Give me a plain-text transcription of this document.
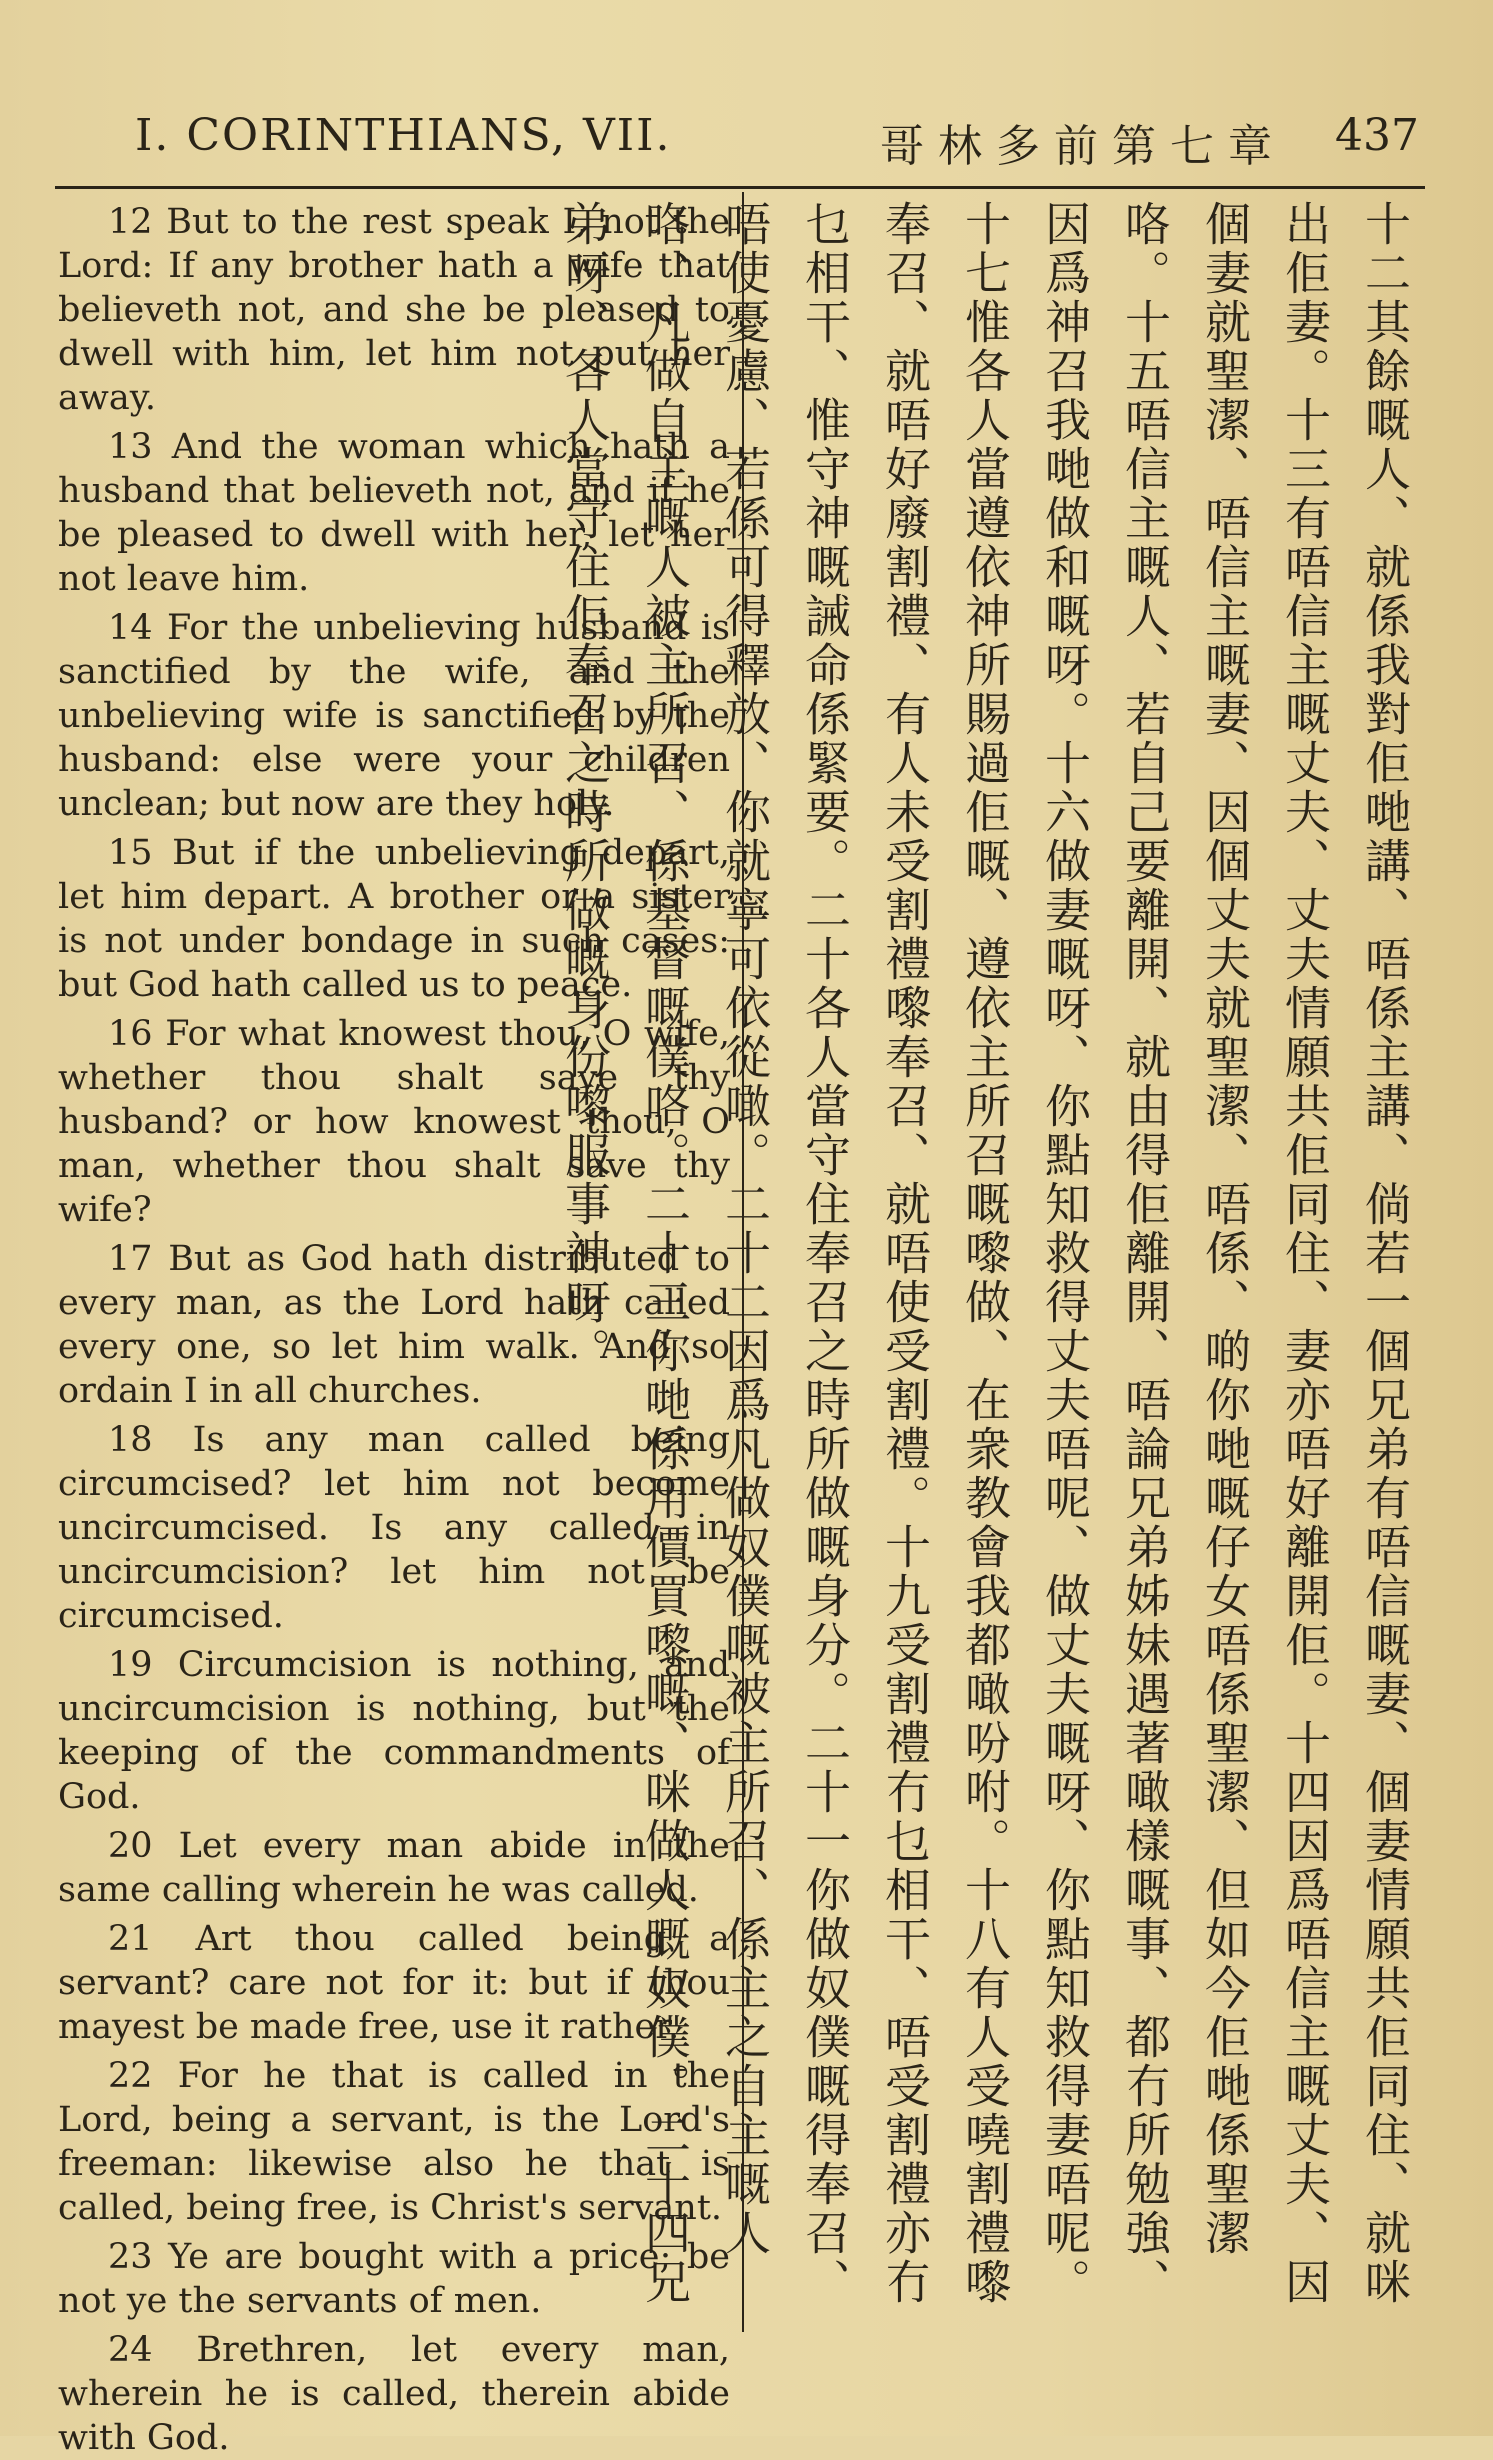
I. CORINTHIANS, VII.	哥林多前第七章 437

12 But to the rest speak I, not the Lord: If any brother hath a wife that believeth not, and she be pleased to dwell with him, let him not put her away.

13 And the woman which hath a husband that believeth not, and if he be pleased to dwell with her, let her not leave him.

14 For the unbelieving husband is sanctified by the wife, and the unbelieving wife is sanctified by the husband: else were your children unclean; but now are they holy.

15 But if the unbelieving depart, let him depart. A brother or a sister is not under bondage in such cases: but God hath called us to peace.

16 For what knowest thou, O wife, whether thou shalt save thy husband? or how knowest thou, O man, whether thou shalt save thy wife?

17 But as God hath distributed to every man, as the Lord hath called every one, so let him walk. And so ordain I in all churches.

18 Is any man called being circumcised? let him not become uncircumcised. Is any called in uncircumcision? let him not be circumcised.

19 Circumcision is nothing, and uncircumcision is nothing, but the keeping of the commandments of God.

20 Let every man abide in the same calling wherein he was called.

21 Art thou called being a servant? care not for it: but if thou mayest be made free, use it rather.

22 For he that is called in the Lord, being a servant, is the Lord's freeman: likewise also he that is called, being free, is Christ's servant.

23 Ye are bought with a price; be not ye the servants of men.

24 Brethren, let every man, wherein he is called, therein abide with God.

十二其餘嘅人、就係我對佢哋講、唔係主講、倘若一個兄弟有唔信嘅妻、個妻情願共佢同住、就咪出佢妻。十三有唔信主嘅丈夫、丈夫情願共佢同住、妻亦唔好離開佢。十四因爲唔信主嘅丈夫、因個妻就聖潔、唔信主嘅妻、因個丈夫就聖潔、唔係、啲你哋嘅仔女唔係聖潔、但如今佢哋係聖潔咯。十五唔信主嘅人、若自己要離開、就由得佢離開、唔論兄弟姊妹遇著噉樣嘅事、都冇所勉強、因爲神召我哋做和嘅呀。十六做妻嘅呀、你點知救得丈夫唔呢、做丈夫嘅呀、你點知救得妻唔呢。十七惟各人當遵依神所賜過佢嘅、遵依主所召嘅嚟做、在衆教會我都噉吩咐。十八有人受嘵割禮嚟奉召、就唔好廢割禮、有人未受割禮嚟奉召、就唔使受割禮。十九受割禮冇乜相干、唔受割禮亦冇乜相干、惟守神嘅誡命係緊要。二十各人當守住奉召之時所做嘅身分。二十一你做奴僕嘅得奉召、唔使憂慮、若係可得釋放、你就寧可依從噉。二十二因爲凡做奴僕嘅被主所召、係主之自主嘅人咯、凡做自主嘅人被主所召、係基督嘅僕咯。二十三你哋係用價買嚟嘅、咪做人嘅奴僕。二十四兄弟呀、各人當守住佢奉召之時所做嘅身份嚟服事神呀。
